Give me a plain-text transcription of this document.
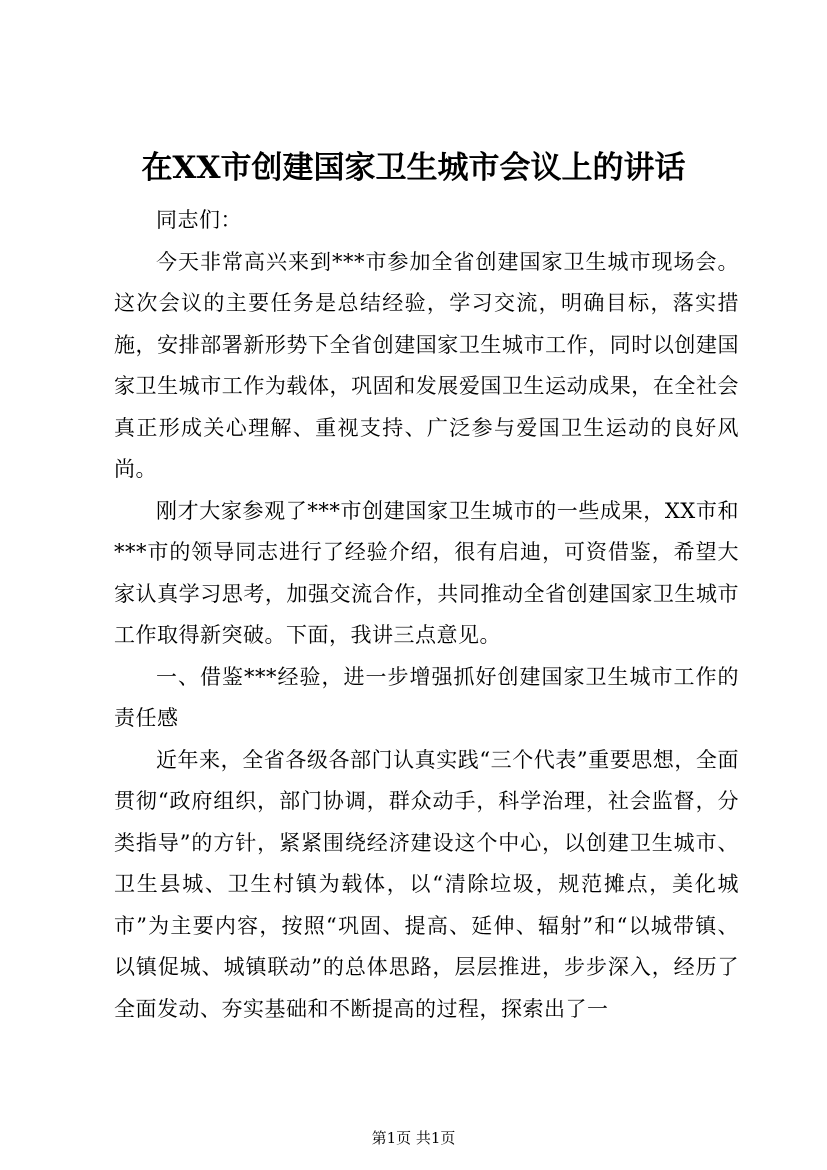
在XX市创建国家卫生城市会议上的讲话

同志们：

今天非常高兴来到***市参加全省创建国家卫生城市现场会。这次会议的主要任务是总结经验，学习交流，明确目标，落实措施，安排部署新形势下全省创建国家卫生城市工作，同时以创建国家卫生城市工作为载体，巩固和发展爱国卫生运动成果，在全社会真正形成关心理解、重视支持、广泛参与爱国卫生运动的良好风尚。

刚才大家参观了***市创建国家卫生城市的一些成果，XX市和***市的领导同志进行了经验介绍，很有启迪，可资借鉴，希望大家认真学习思考，加强交流合作，共同推动全省创建国家卫生城市工作取得新突破。下面，我讲三点意见。

一、借鉴***经验，进一步增强抓好创建国家卫生城市工作的责任感

近年来，全省各级各部门认真实践“三个代表”重要思想，全面贯彻“政府组织，部门协调，群众动手，科学治理，社会监督，分类指导”的方针，紧紧围绕经济建设这个中心，以创建卫生城市、卫生县城、卫生村镇为载体，以“清除垃圾，规范摊点，美化城市”为主要内容，按照“巩固、提高、延伸、辐射”和“以城带镇、以镇促城、城镇联动”的总体思路，层层推进，步步深入，经历了全面发动、夯实基础和不断提高的过程，探索出了一

第1页 共1页
